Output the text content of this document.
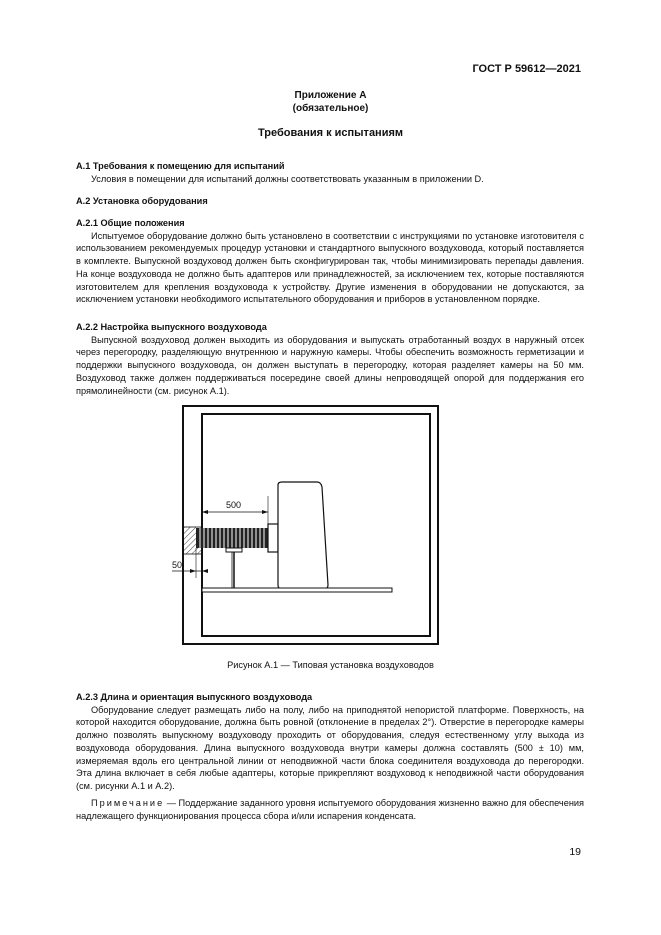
ГОСТ Р 59612—2021
Приложение А
(обязательное)
Требования к испытаниям
А.1 Требования к помещению для испытаний

Условия в помещении для испытаний должны соответствовать указанным в приложении D.

А.2 Установка оборудования
А.2.1 Общие положения

Испытуемое оборудование должно быть установлено в соответствии с инструкциями по установке изготовителя с использованием рекомендуемых процедур установки и стандартного выпускного воздуховода, который поставляется в комплекте. Выпускной воздуховод должен быть сконфигурирован так, чтобы минимизировать перепады давления. На конце воздуховода не должно быть адаптеров или принадлежностей, за исключением тех, которые поставляются изготовителем для крепления воздуховода к устройству. Другие изменения в оборудовании не допускаются, за исключением установки необходимого испытательного оборудования и приборов в установленном порядке.

А.2.2 Настройка выпускного воздуховода

Выпускной воздуховод должен выходить из оборудования и выпускать отработанный воздух в наружный отсек через перегородку, разделяющую внутреннюю и наружную камеры. Чтобы обеспечить возможность герметизации и поддержки выпускного воздуховода, он должен выступать в перегородку, которая разделяет камеры на 50 мм. Воздуховод также должен поддерживаться посередине своей длины непроводящей опорой для поддержания его прямолинейности (см. рисунок А.1).

500
50
Рисунок А.1 — Типовая установка воздуховодов
А.2.3 Длина и ориентация выпускного воздуховода

Оборудование следует размещать либо на полу, либо на приподнятой непористой платформе. Поверхность, на которой находится оборудование, должна быть ровной (отклонение в пределах 2°). Отверстие в перегородке камеры должно позволять выпускному воздуховоду проходить от оборудования, следуя естественному углу выхода из воздуховода оборудования. Длина выпускного воздуховода внутри камеры должна составлять (500 ± 10) мм, измеряемая вдоль его центральной линии от неподвижной части блока соединителя воздуховода до перегородки. Эта длина включает в себя любые адаптеры, которые прикрепляют воздуховод к неподвижной части оборудования (см. рисунки А.1 и А.2).

Примечание — Поддержание заданного уровня испытуемого оборудования жизненно важно для обеспечения надлежащего функционирования процесса сбора и/или испарения конденсата.

19
